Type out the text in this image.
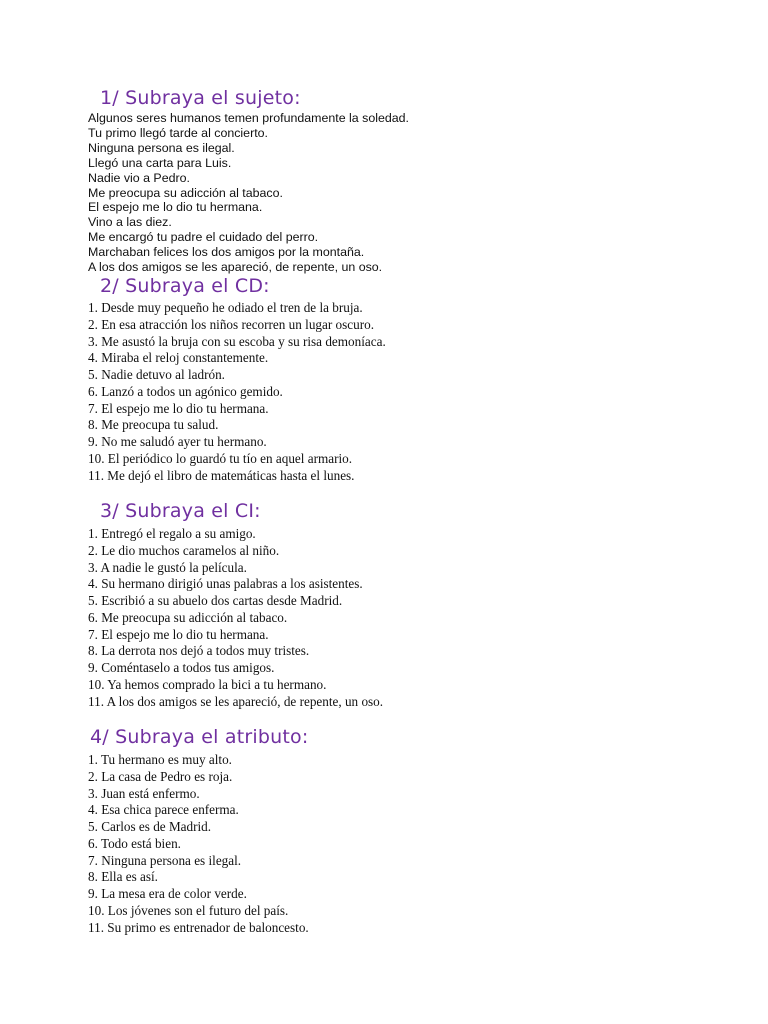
1/ Subraya el sujeto:
Algunos seres humanos temen profundamente la soledad.
Tu primo llegó tarde al concierto.
Ninguna persona es ilegal.
Llegó una carta para Luis.
Nadie vio a Pedro.
Me preocupa su adicción al tabaco.
El espejo me lo dio tu hermana.
Vino a las diez.
Me encargó tu padre el cuidado del perro.
Marchaban felices los dos amigos por la montaña.
A los dos amigos se les apareció, de repente, un oso.
2/ Subraya el CD:
1. Desde muy pequeño he odiado el tren de la bruja.
2. En esa atracción los niños recorren un lugar oscuro.
3. Me asustó la bruja con su escoba y su risa demoníaca.
4. Miraba el reloj constantemente.
5. Nadie detuvo al ladrón.
6. Lanzó a todos un agónico gemido.
7. El espejo me lo dio tu hermana.
8. Me preocupa tu salud.
9. No me saludó ayer tu hermano.
10. El periódico lo guardó tu tío en aquel armario.
11. Me dejó el libro de matemáticas hasta el lunes.
3/ Subraya el CI:
1. Entregó el regalo a su amigo.
2. Le dio muchos caramelos al niño.
3. A nadie le gustó la película.
4. Su hermano dirigió unas palabras a los asistentes.
5. Escribió a su abuelo dos cartas desde Madrid.
6. Me preocupa su adicción al tabaco.
7. El espejo me lo dio tu hermana.
8. La derrota nos dejó a todos muy tristes.
9. Coméntaselo a todos tus amigos.
10. Ya hemos comprado la bici a tu hermano.
11. A los dos amigos se les apareció, de repente, un oso.
4/ Subraya el atributo:
1. Tu hermano es muy alto.
2. La casa de Pedro es roja.
3. Juan está enfermo.
4. Esa chica parece enferma.
5. Carlos es de Madrid.
6. Todo está bien.
7. Ninguna persona es ilegal.
8. Ella es así.
9. La mesa era de color verde.
10. Los jóvenes son el futuro del país.
11. Su primo es entrenador de baloncesto.
